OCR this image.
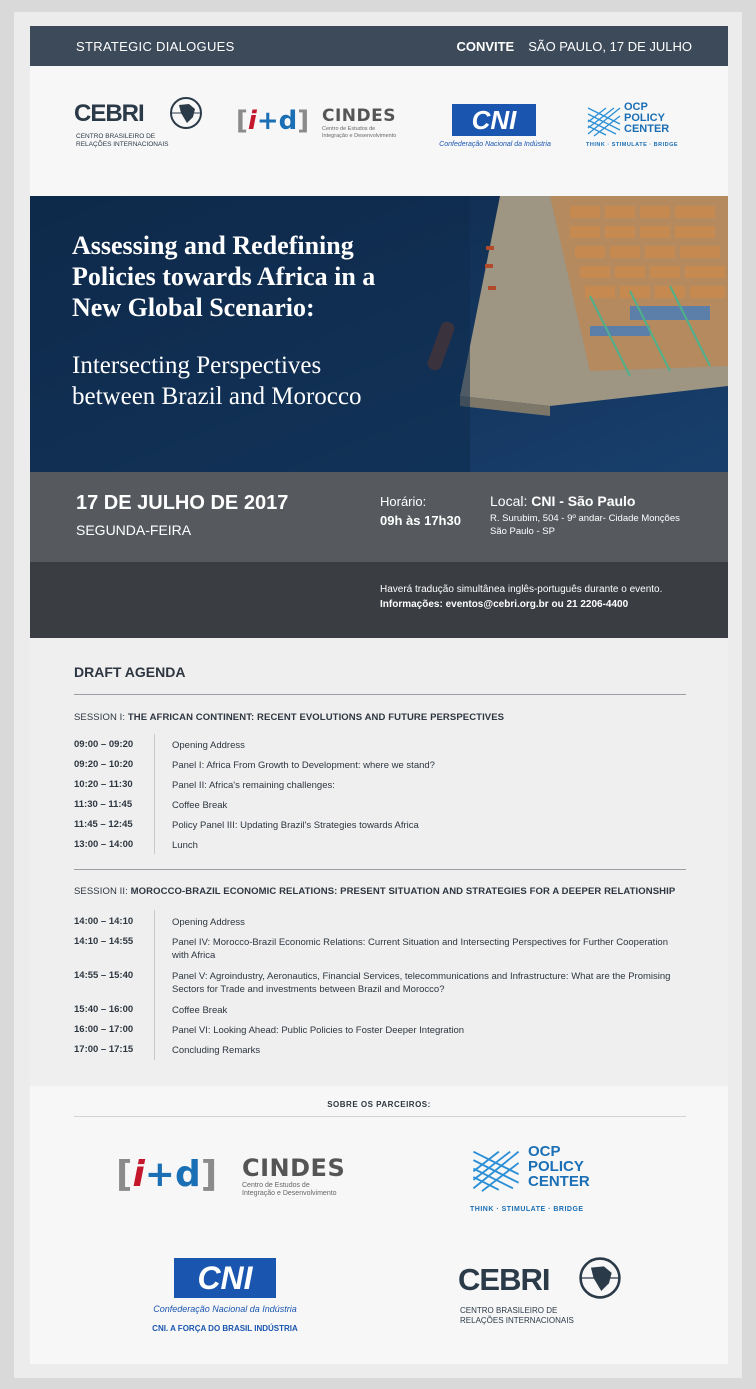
STRATEGIC DIALOGUES	CONVITE SÃO PAULO, 17 DE JULHO
CEBRI
CENTRO BRASILEIRO DE
RELAÇÕES INTERNACIONAIS
[i+d] CINDES
Centro de Estudos de
Integração e Desenvolvimento
CNI
Confederação Nacional da Indústria
OCP
POLICY
CENTER
THINK · STIMULATE · BRIDGE
Assessing and Redefining
Policies towards Africa in a
New Global Scenario:
Intersecting Perspectives
between Brazil and Morocco
17 DE JULHO DE 2017
SEGUNDA-FEIRA
Horário:
09h às 17h30
Local: CNI - São Paulo
R. Surubim, 504 - 9º andar- Cidade Monções
São Paulo - SP
Haverá tradução simultânea inglês-português durante o evento.
Informações: eventos@cebri.org.br ou 21 2206-4400
DRAFT AGENDA
SESSION I: THE AFRICAN CONTINENT: RECENT EVOLUTIONS AND FUTURE PERSPECTIVES
09:00 – 09:20	Opening Address
09:20 – 10:20	Panel I: Africa From Growth to Development: where we stand?
10:20 – 11:30	Panel II: Africa's remaining challenges:
11:30 – 11:45	Coffee Break
11:45 – 12:45	Policy Panel III: Updating Brazil's Strategies towards Africa
13:00 – 14:00	Lunch
SESSION II: MOROCCO-BRAZIL ECONOMIC RELATIONS: PRESENT SITUATION AND STRATEGIES FOR A DEEPER RELATIONSHIP
14:00 – 14:10	Opening Address
14:10 – 14:55	Panel IV: Morocco-Brazil Economic Relations: Current Situation and Intersecting Perspectives for Further Cooperation with Africa
14:55 – 15:40	Panel V: Agroindustry, Aeronautics, Financial Services, telecommunications and Infrastructure: What are the Promising Sectors for Trade and investments between Brazil and Morocco?
15:40 – 16:00	Coffee Break
16:00 – 17:00	Panel VI: Looking Ahead: Public Policies to Foster Deeper Integration
17:00 – 17:15	Concluding Remarks
SOBRE OS PARCEIROS:
[i+d] CINDES
Centro de Estudos de
Integração e Desenvolvimento
OCP
POLICY
CENTER
THINK · STIMULATE · BRIDGE
CNI
Confederação Nacional da Indústria
CNI. A FORÇA DO BRASIL INDÚSTRIA
CEBRI
CENTRO BRASILEIRO DE
RELAÇÕES INTERNACIONAIS
